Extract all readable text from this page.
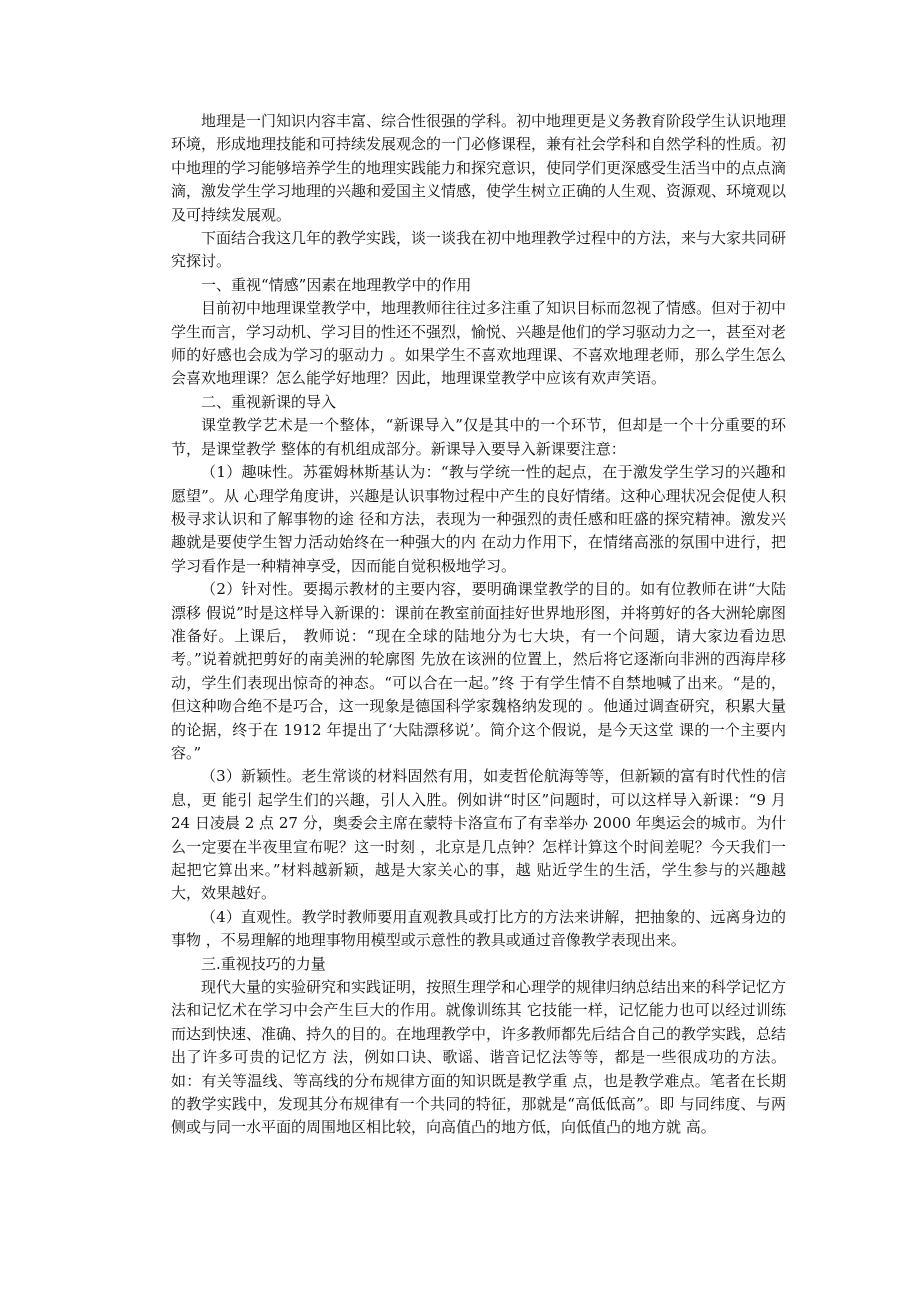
地理是一门知识内容丰富、综合性很强的学科。初中地理更是义务教育阶段学生认识地理环境，形成地理技能和可持续发展观念的一门必修课程，兼有社会学科和自然学科的性质。初中地理的学习能够培养学生的地理实践能力和探究意识，使同学们更深感受生活当中的点点滴滴，激发学生学习地理的兴趣和爱国主义情感，使学生树立正确的人生观、资源观、环境观以及可持续发展观。

下面结合我这几年的教学实践，谈一谈我在初中地理教学过程中的方法，来与大家共同研究探讨。

一、重视“情感”因素在地理教学中的作用

目前初中地理课堂教学中，地理教师往往过多注重了知识目标而忽视了情感。但对于初中学生而言，学习动机、学习目的性还不强烈，愉悦、兴趣是他们的学习驱动力之一，甚至对老师的好感也会成为学习的驱动力 。如果学生不喜欢地理课、不喜欢地理老师，那么学生怎么会喜欢地理课？怎么能学好地理？因此，地理课堂教学中应该有欢声笑语。

二、重视新课的导入

课堂教学艺术是一个整体，“新课导入”仅是其中的一个环节，但却是一个十分重要的环节，是课堂教学 整体的有机组成部分。新课导入要导入新课要注意：

（1）趣味性。苏霍姆林斯基认为：“教与学统一性的起点，在于激发学生学习的兴趣和愿望”。从 心理学角度讲，兴趣是认识事物过程中产生的良好情绪。这种心理状况会促使人积极寻求认识和了解事物的途 径和方法，表现为一种强烈的责任感和旺盛的探究精神。激发兴趣就是要使学生智力活动始终在一种强大的内 在动力作用下，在情绪高涨的氛围中进行，把学习看作是一种精神享受，因而能自觉积极地学习。

（2）针对性。要揭示教材的主要内容，要明确课堂教学的目的。如有位教师在讲“大陆漂移 假说”时是这样导入新课的：课前在教室前面挂好世界地形图，并将剪好的各大洲轮廓图准备好。上课后， 教师说：“现在全球的陆地分为七大块，有一个问题，请大家边看边思考。”说着就把剪好的南美洲的轮廓图 先放在该洲的位置上，然后将它逐渐向非洲的西海岸移动，学生们表现出惊奇的神态。“可以合在一起。”终 于有学生情不自禁地喊了出来。“是的，但这种吻合绝不是巧合，这一现象是德国科学家魏格纳发现的 。他通过调查研究，积累大量的论据，终于在 1912 年提出了‘大陆漂移说’。简介这个假说，是今天这堂 课的一个主要内容。”

（3）新颖性。老生常谈的材料固然有用，如麦哲伦航海等等，但新颖的富有时代性的信息，更 能引 起学生们的兴趣，引人入胜。例如讲“时区”问题时，可以这样导入新课：“9 月 24 日凌晨 2 点 27 分，奥委会主席在蒙特卡洛宣布了有幸举办 2000 年奥运会的城市。为什么一定要在半夜里宣布呢？这一时刻 ，北京是几点钟？怎样计算这个时间差呢？今天我们一起把它算出来。”材料越新颖，越是大家关心的事，越 贴近学生的生活，学生参与的兴趣越大，效果越好。

（4）直观性。教学时教师要用直观教具或打比方的方法来讲解，把抽象的、远离身边的事物 ，不易理解的地理事物用模型或示意性的教具或通过音像教学表现出来。

三.重视技巧的力量

现代大量的实验研究和实践证明，按照生理学和心理学的规律归纳总结出来的科学记忆方法和记忆术在学习中会产生巨大的作用。就像训练其 它技能一样，记忆能力也可以经过训练而达到快速、准确、持久的目的。在地理教学中，许多教师都先后结合自己的教学实践，总结出了许多可贵的记忆方 法，例如口诀、歌谣、谐音记忆法等等，都是一些很成功的方法。如：有关等温线、等高线的分布规律方面的知识既是教学重 点，也是教学难点。笔者在长期的教学实践中，发现其分布规律有一个共同的特征，那就是“高低低高”。即 与同纬度、与两侧或与同一水平面的周围地区相比较，向高值凸的地方低，向低值凸的地方就 高。
